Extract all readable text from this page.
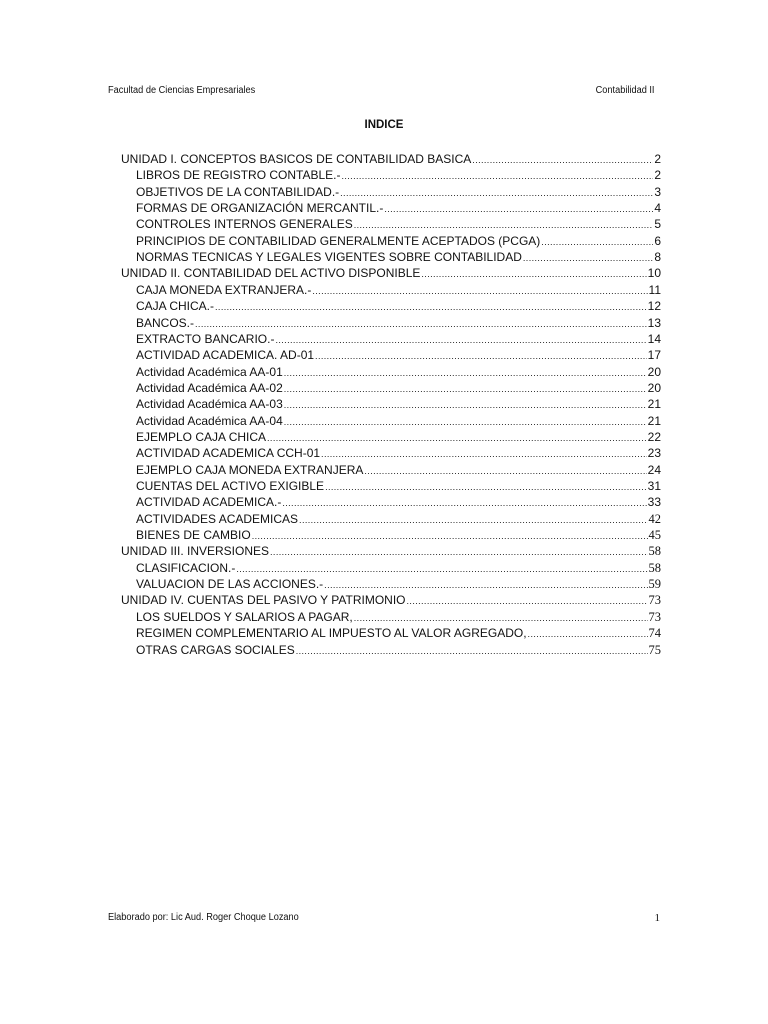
Facultad de Ciencias Empresariales	Contabilidad II
INDICE
UNIDAD I. CONCEPTOS BASICOS DE CONTABILIDAD BASICA .....	2
LIBROS DE REGISTRO CONTABLE.- .....	2
OBJETIVOS DE LA CONTABILIDAD.- .....	3
FORMAS DE ORGANIZACIÓN MERCANTIL.- .....	4
CONTROLES INTERNOS GENERALES .....	5
PRINCIPIOS DE CONTABILIDAD GENERALMENTE ACEPTADOS (PCGA) .....	6
NORMAS TECNICAS Y LEGALES VIGENTES SOBRE CONTABILIDAD .....	8
UNIDAD II. CONTABILIDAD DEL ACTIVO DISPONIBLE .....	10
CAJA MONEDA EXTRANJERA.- .....	11
CAJA CHICA.- .....	12
BANCOS.- .....	13
EXTRACTO BANCARIO.- .....	14
ACTIVIDAD ACADEMICA. AD-01 .....	17
Actividad Académica AA-01 .....	20
Actividad Académica AA-02 .....	20
Actividad Académica AA-03 .....	21
Actividad Académica AA-04 .....	21
EJEMPLO CAJA CHICA .....	22
ACTIVIDAD ACADEMICA CCH-01 .....	23
EJEMPLO CAJA MONEDA EXTRANJERA .....	24
CUENTAS DEL ACTIVO EXIGIBLE .....	31
ACTIVIDAD ACADEMICA.- .....	33
ACTIVIDADES ACADEMICAS .....	42
BIENES DE CAMBIO .....	45
UNIDAD III. INVERSIONES .....	58
CLASIFICACION.- .....	58
VALUACION DE LAS ACCIONES.- .....	59
UNIDAD IV. CUENTAS DEL PASIVO Y PATRIMONIO .....	73
LOS SUELDOS Y SALARIOS A PAGAR, .....	73
REGIMEN COMPLEMENTARIO AL IMPUESTO AL VALOR AGREGADO, .....	74
OTRAS CARGAS SOCIALES .....	75
Elaborado por: Lic Aud. Roger Choque Lozano	1
